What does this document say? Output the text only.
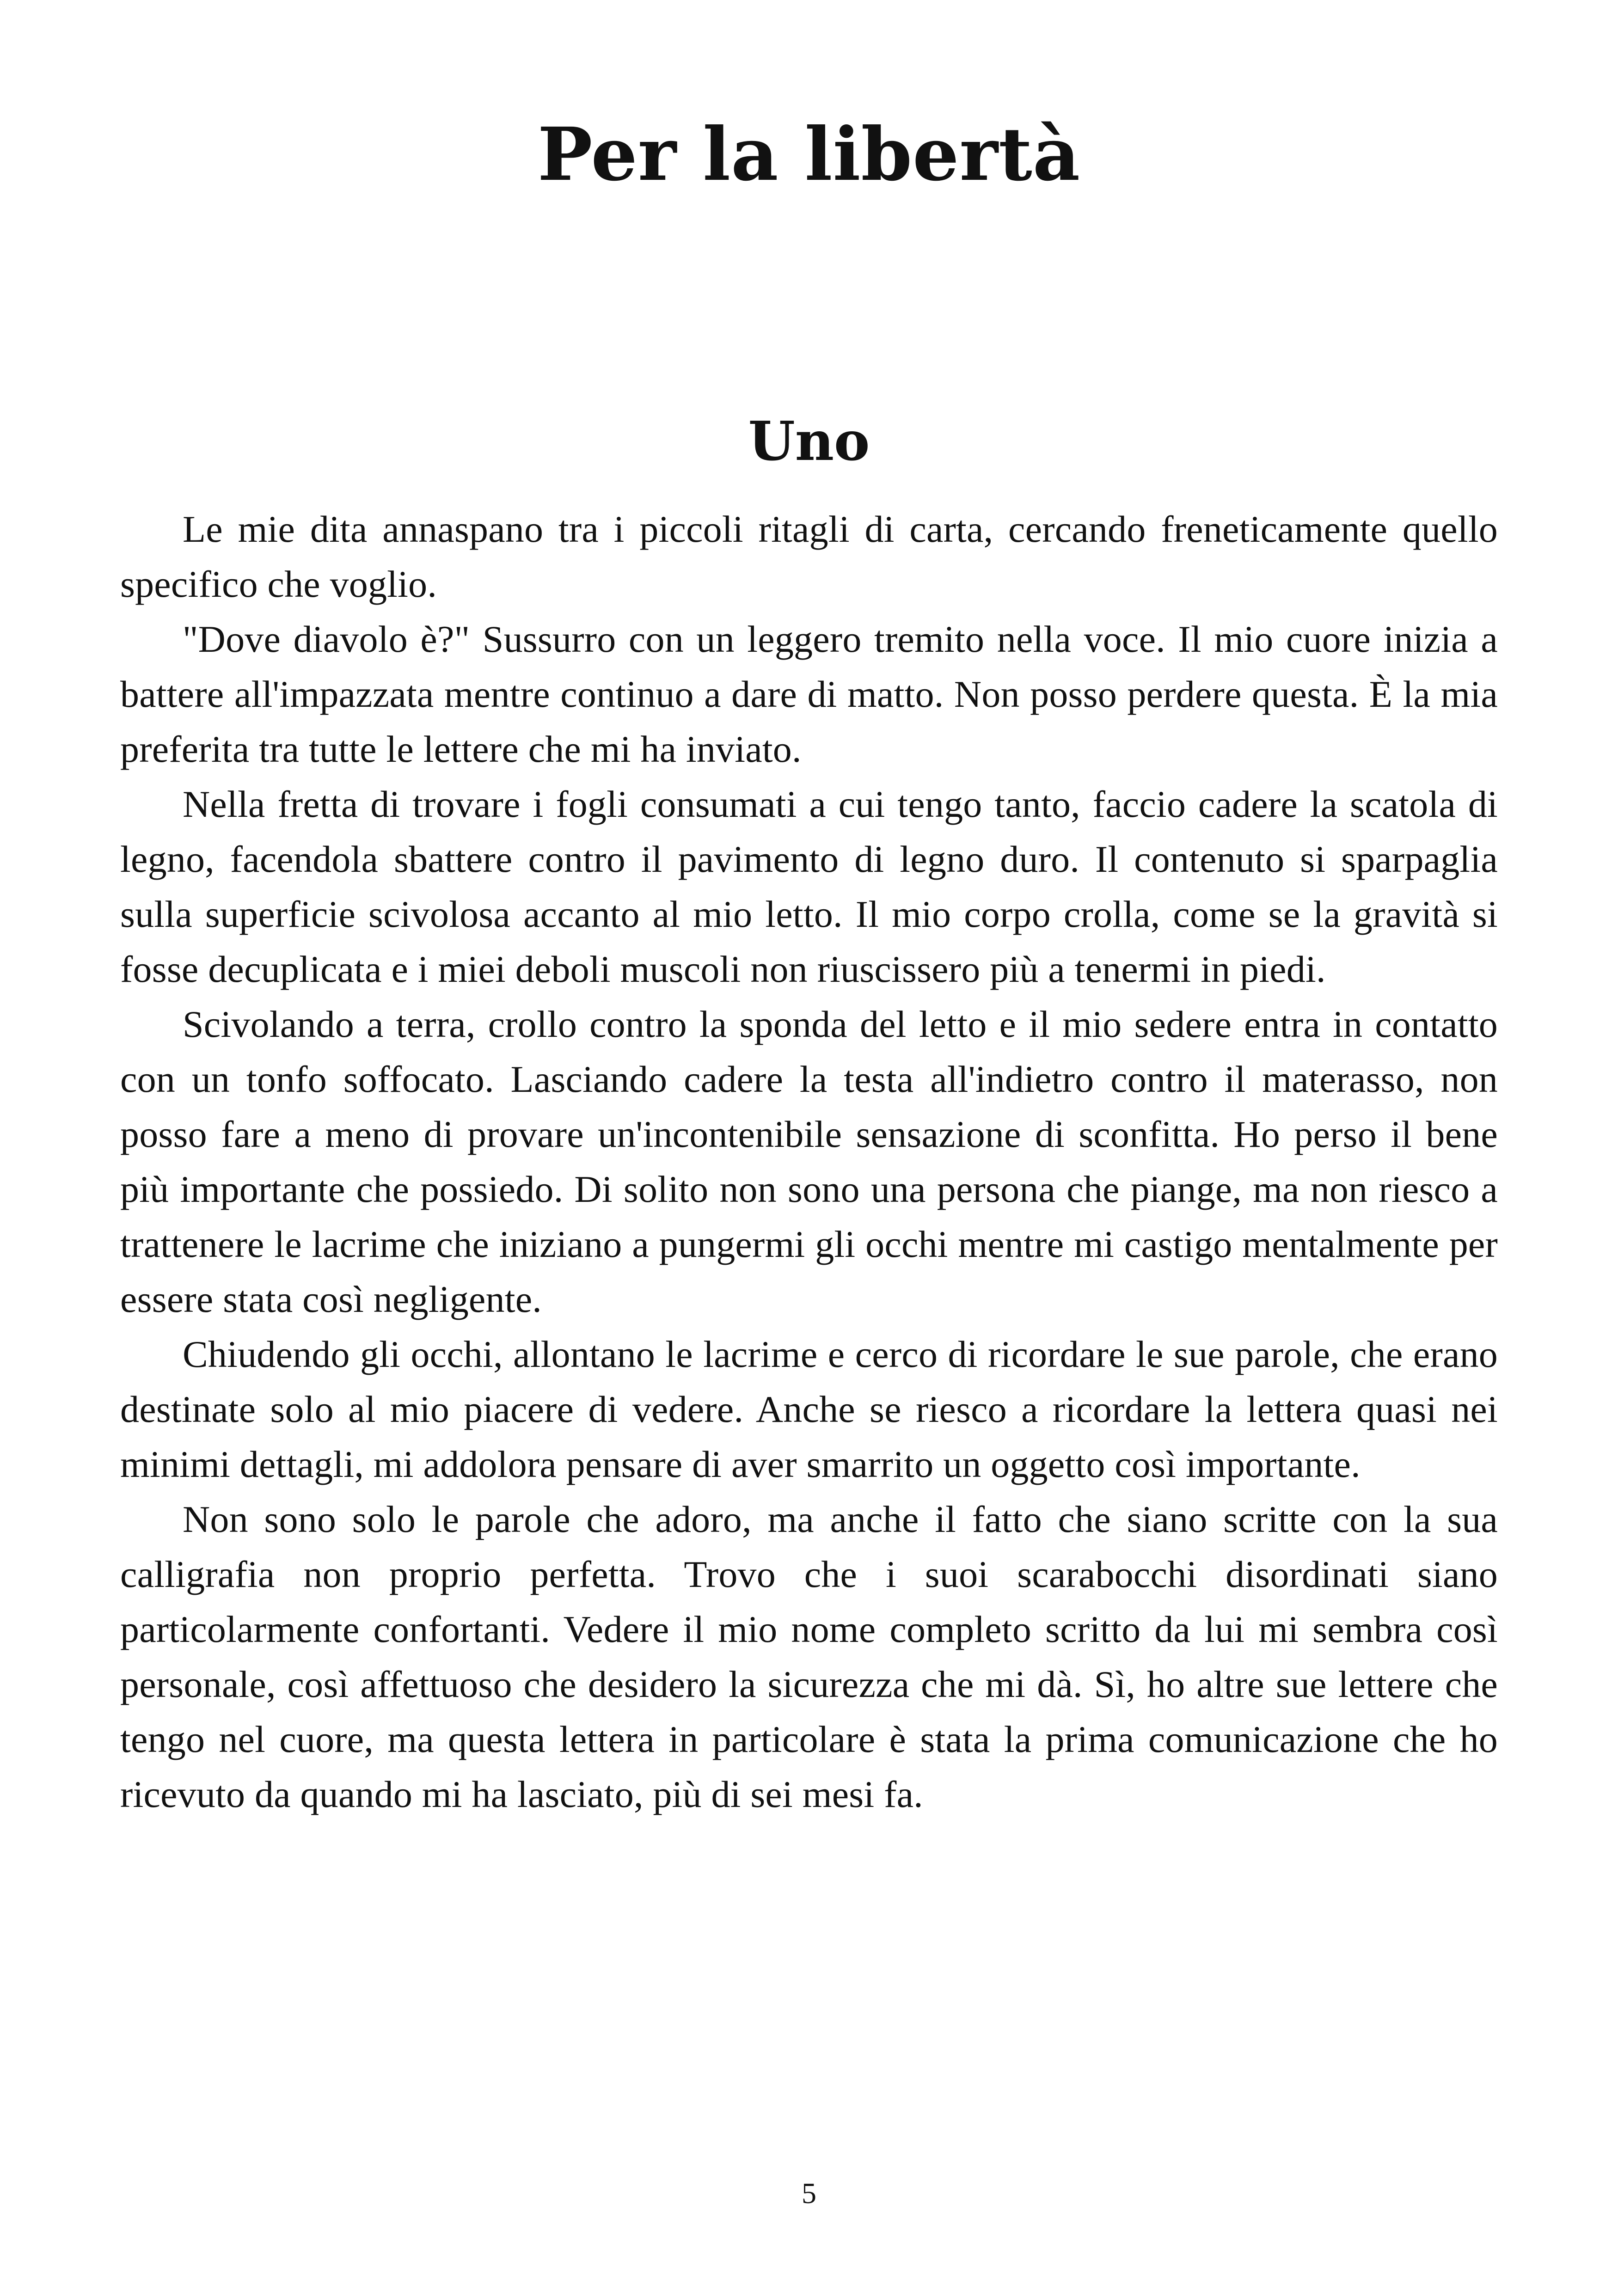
Per la libertà
Uno

Le mie dita annaspano tra i piccoli ritagli di carta, cercando freneticamente quello specifico che voglio.

"Dove diavolo è?" Sussurro con un leggero tremito nella voce. Il mio cuore inizia a battere all'impazzata mentre continuo a dare di matto. Non posso perdere questa. È la mia preferita tra tutte le lettere che mi ha inviato.

Nella fretta di trovare i fogli consumati a cui tengo tanto, faccio cadere la scatola di legno, facendola sbattere contro il pavimento di legno duro. Il contenuto si sparpaglia sulla superficie scivolosa accanto al mio letto. Il mio corpo crolla, come se la gravità si fosse decuplicata e i miei deboli muscoli non riuscissero più a tenermi in piedi.

Scivolando a terra, crollo contro la sponda del letto e il mio sedere entra in contatto con un tonfo soffocato. Lasciando cadere la testa all'indietro contro il materasso, non posso fare a meno di provare un'incontenibile sensazione di sconfitta. Ho perso il bene più importante che possiedo. Di solito non sono una persona che piange, ma non riesco a trattenere le lacrime che iniziano a pungermi gli occhi mentre mi castigo mentalmente per essere stata così negligente.

Chiudendo gli occhi, allontano le lacrime e cerco di ricordare le sue parole, che erano destinate solo al mio piacere di vedere. Anche se riesco a ricordare la lettera quasi nei minimi dettagli, mi addolora pensare di aver smarrito un oggetto così importante.

Non sono solo le parole che adoro, ma anche il fatto che siano scritte con la sua calligrafia non proprio perfetta. Trovo che i suoi scarabocchi disordinati siano particolarmente confortanti. Vedere il mio nome completo scritto da lui mi sembra così personale, così affettuoso che desidero la sicurezza che mi dà. Sì, ho altre sue lettere che tengo nel cuore, ma questa lettera in particolare è stata la prima comunicazione che ho ricevuto da quando mi ha lasciato, più di sei mesi fa.

5
